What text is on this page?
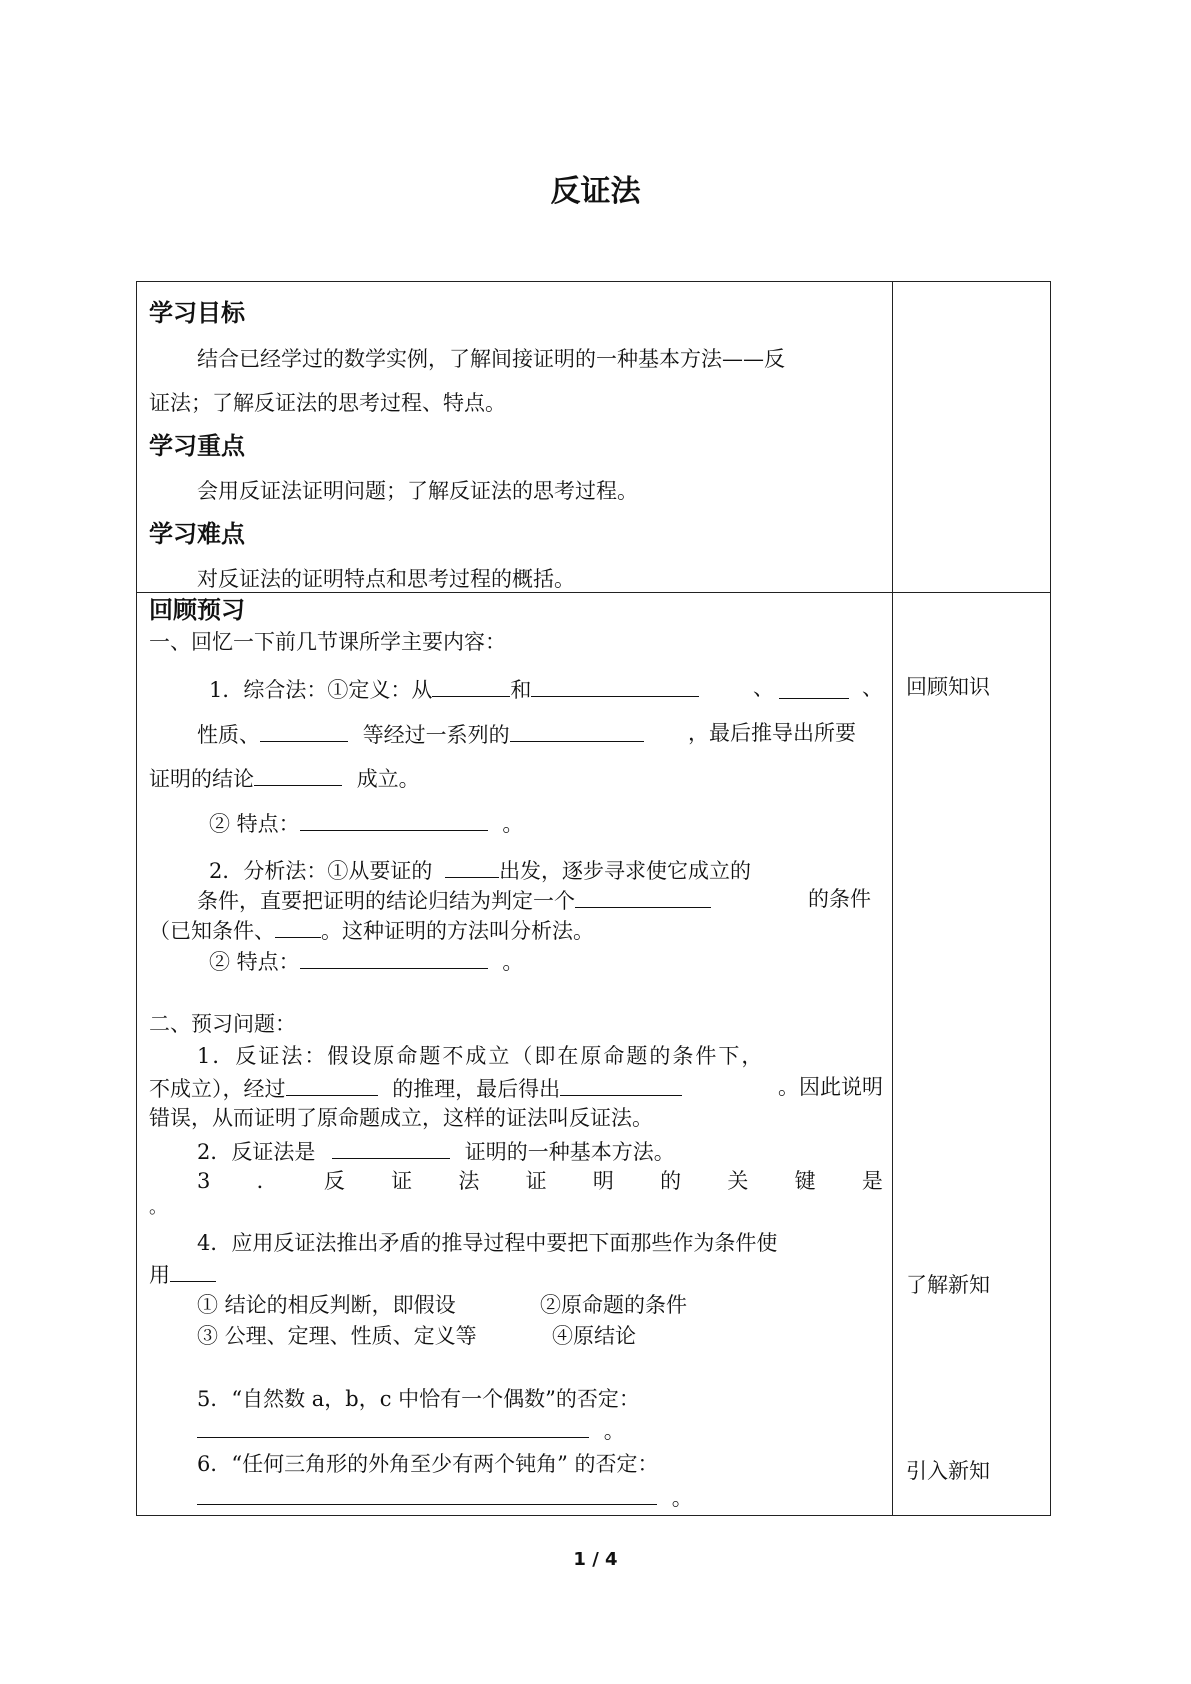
反证法
学习目标
结合已经学过的数学实例，了解间接证明的一种基本方法——反
证法；了解反证法的思考过程、特点。
学习重点
会用反证法证明问题；了解反证法的思考过程。
学习难点
对反证法的证明特点和思考过程的概括。
回顾预习
一、回忆一下前几节课所学主要内容：
1．综合法：①定义：从	和	、	、
性质、	等经过一系列的	，最后推导出所要
证明的结论	成立。
② 特点：	。
2．分析法：①从要证的	出发，逐步寻求使它成立的
条件，直要把证明的结论归结为判定一个	的条件
（已知条件、 。这种证明的方法叫分析法。
② 特点：	。
二、预习问题：
1．反证法：假设原命题不成立（即在原命题的条件下，
不成立），经过	的推理，最后得出	。因此说明
错误，从而证明了原命题成立，这样的证法叫反证法。
2．反证法是	证明的一种基本方法。
3 ． 反 证 法 证 明 的 关 键 是
。
4．应用反证法推出矛盾的推导过程中要把下面那些作为条件使
用
① 结论的相反判断，即假设	②原命题的条件
③ 公理、定理、性质、定义等	④原结论
5．“自然数 a，b，c 中恰有一个偶数”的否定：
。
6．“任何三角形的外角至少有两个钝角” 的否定：
。
回顾知识
了解新知
引入新知
1 / 4
